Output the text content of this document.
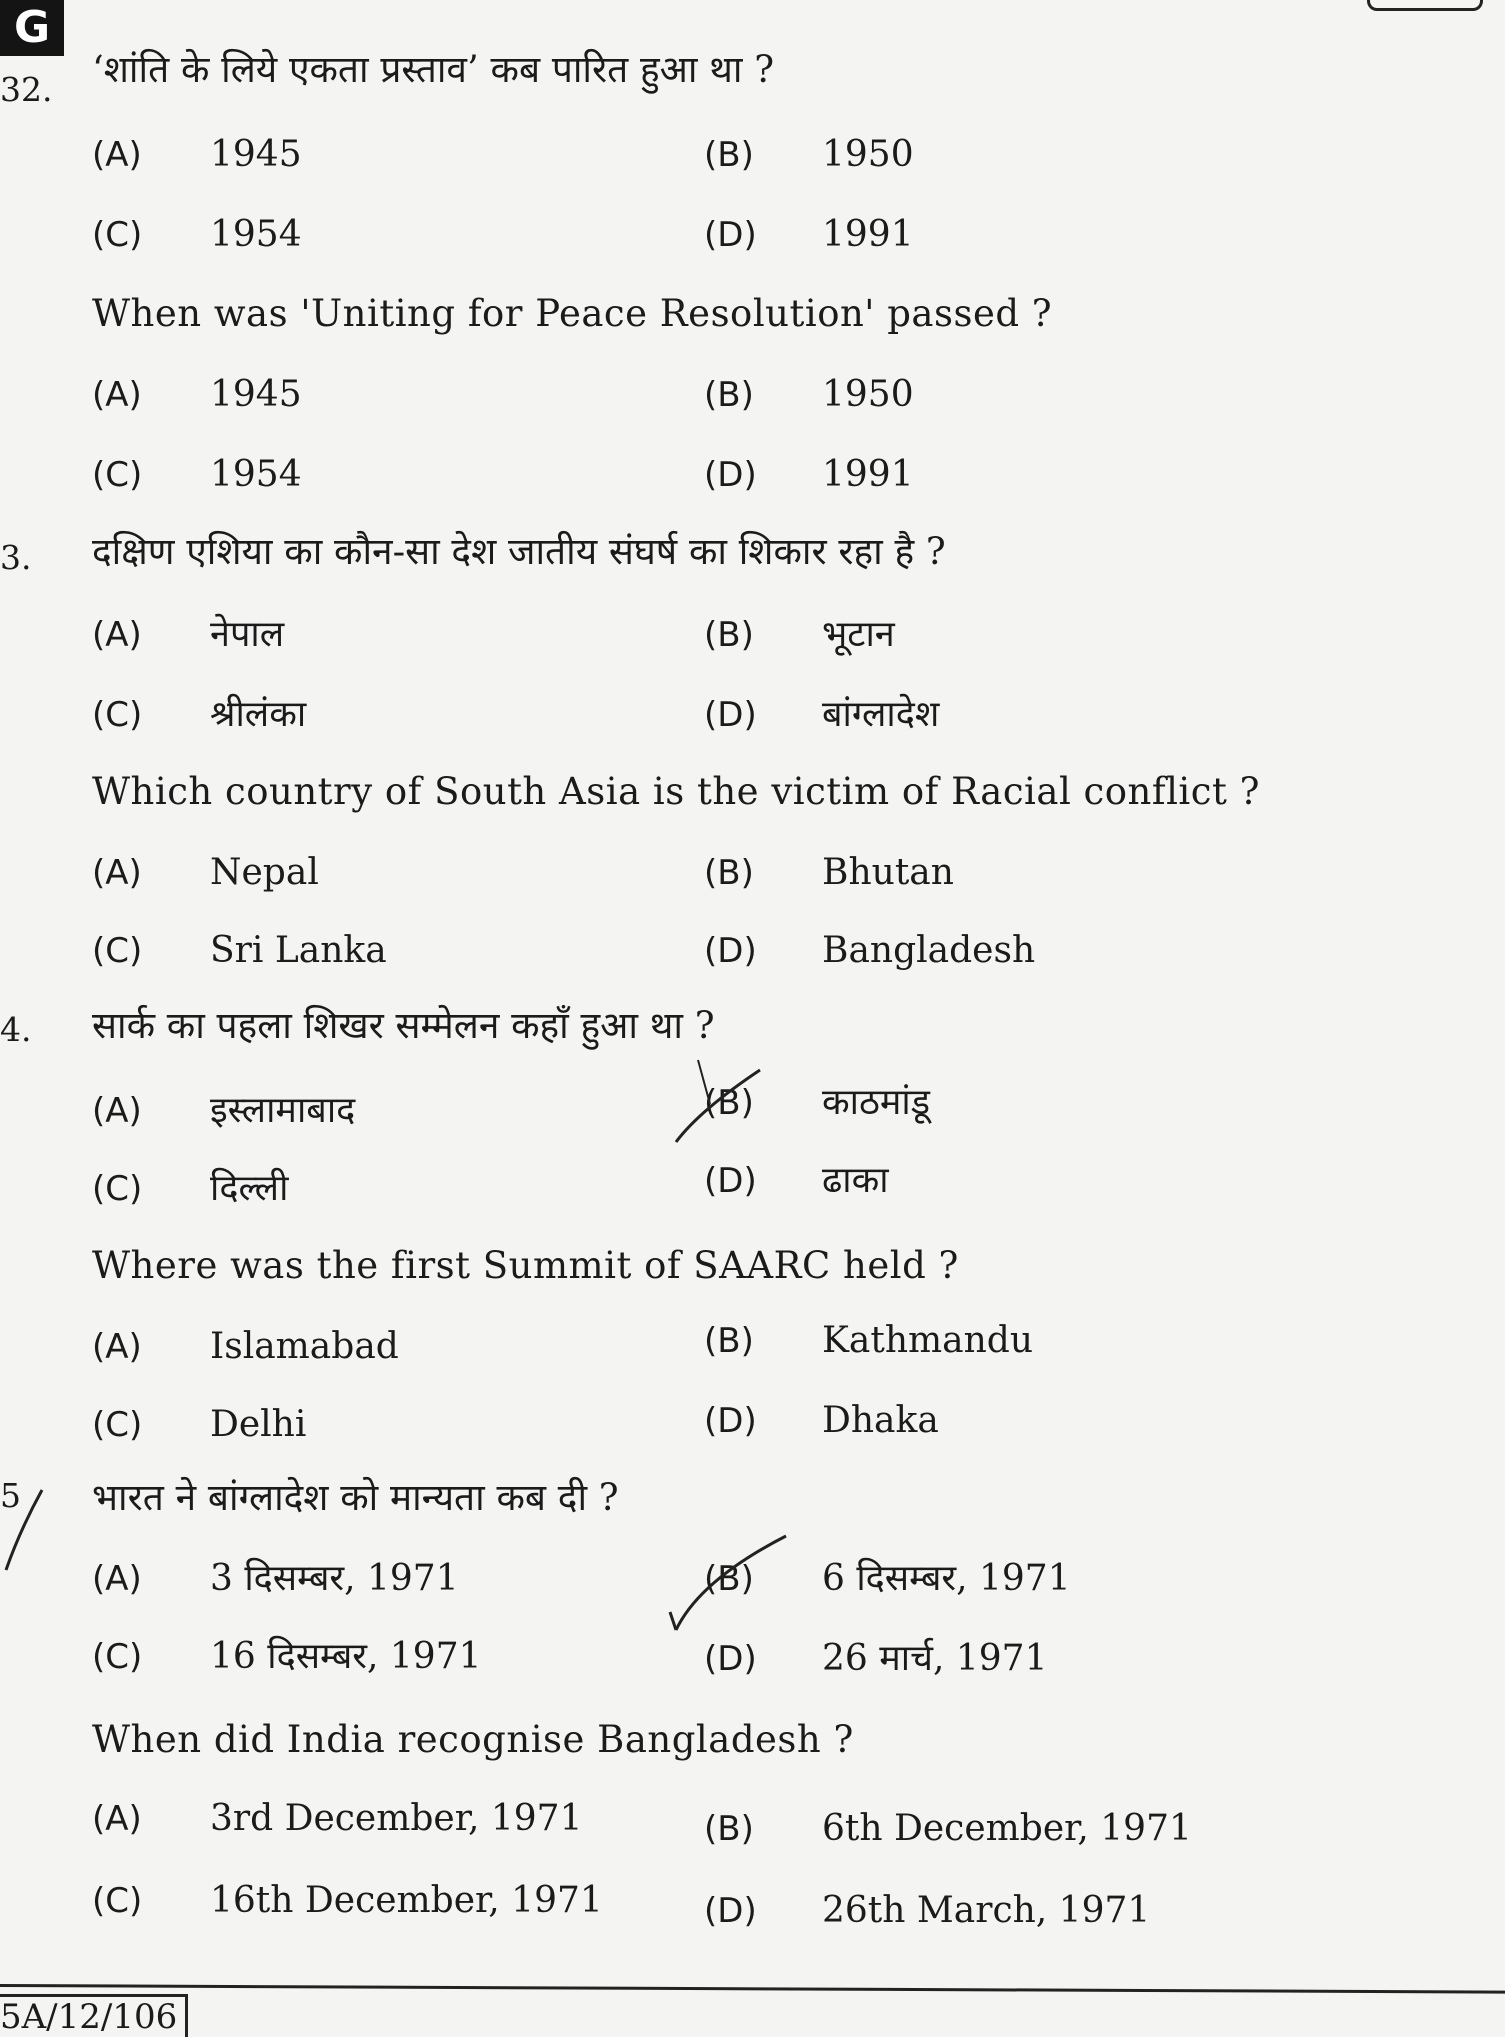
G
32. ‘शांति के लिये एकता प्रस्ताव’ कब पारित हुआ था ?
(A) 1945	(B) 1950
(C) 1954	(D) 1991
When was 'Uniting for Peace Resolution' passed ?
(A) 1945	(B) 1950
(C) 1954	(D) 1991
3. दक्षिण एशिया का कौन-सा देश जातीय संघर्ष का शिकार रहा है ?
(A) नेपाल	(B) भूटान
(C) श्रीलंका	(D) बांग्लादेश
Which country of South Asia is the victim of Racial conflict ?
(A) Nepal	(B) Bhutan
(C) Sri Lanka	(D) Bangladesh
4. सार्क का पहला शिखर सम्मेलन कहाँ हुआ था ?
(A) इस्लामाबाद	(B) काठमांडू
(C) दिल्ली	(D) ढाका
Where was the first Summit of SAARC held ?
(A) Islamabad	(B) Kathmandu
(C) Delhi	(D) Dhaka
5 भारत ने बांग्लादेश को मान्यता कब दी ?
(A) 3 दिसम्बर, 1971	(B) 6 दिसम्बर, 1971
(C) 16 दिसम्बर, 1971	(D) 26 मार्च, 1971
When did India recognise Bangladesh ?
(A) 3rd December, 1971	(B) 6th December, 1971
(C) 16th December, 1971	(D) 26th March, 1971
5A/12/106
